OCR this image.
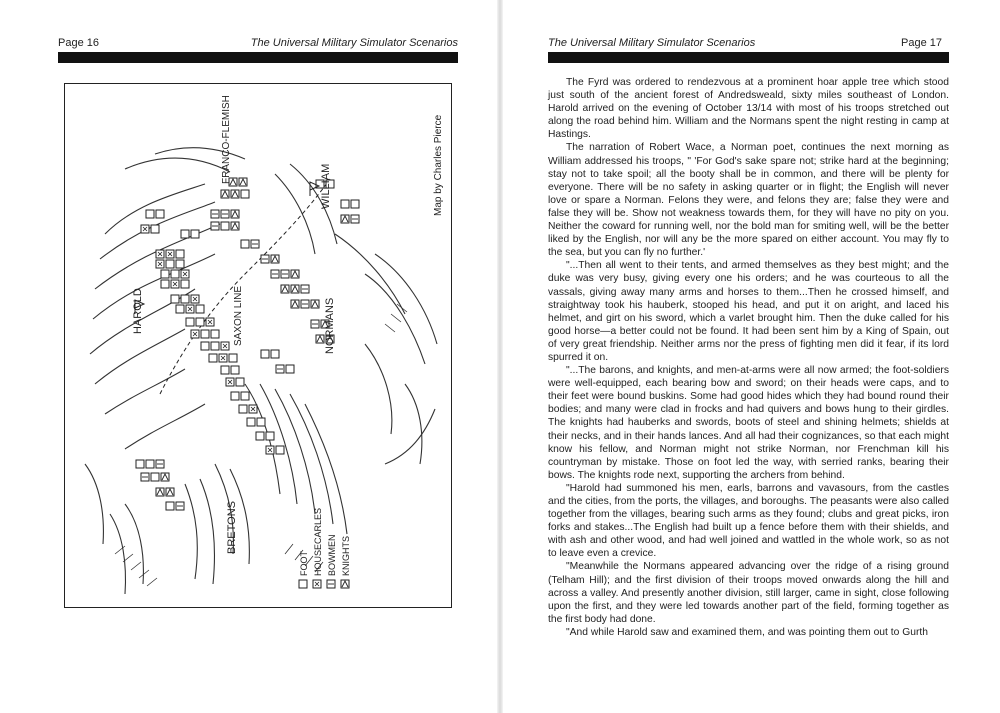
Page 16	The Universal Military Simulator Scenarios
HAROLD	SAXON LINE	NORMANS
WILLIAM
FRANCO-FLEMISH
BRETONS
Map by Charles Pierce
FOOT HOUSECARLES BOWMEN KNIGHTS
The Universal Military Simulator Scenarios	Page 17

The Fyrd was ordered to rendezvous at a prominent hoar apple tree which stood just south of the ancient forest of Andredsweald, sixty miles southeast of London. Harold arrived on the evening of October 13/14 with most of his troops stretched out along the road behind him. William and the Normans spent the night resting in camp at Hastings.

The narration of Robert Wace, a Norman poet, continues the next morning as William addressed his troops, " 'For God's sake spare not; strike hard at the beginning; stay not to take spoil; all the booty shall be in common, and there will be plenty for everyone. There will be no safety in asking quarter or in flight; the English will never love or spare a Norman. Felons they were, and felons they are; false they were and false they will be. Show not weakness towards them, for they will have no pity on you. Neither the coward for running well, nor the bold man for smiting well, will be the better liked by the English, nor will any be the more spared on either account. You may fly to the sea, but you can fly no further.'

"...Then all went to their tents, and armed themselves as they best might; and the duke was very busy, giving every one his orders; and he was courteous to all the vassals, giving away many arms and horses to them...Then he crossed himself, and straightway took his hauberk, stooped his head, and put it on aright, and laced his helmet, and girt on his sword, which a varlet brought him. Then the duke called for his good horse—a better could not be found. It had been sent him by a King of Spain, out of very great friendship. Neither arms nor the press of fighting men did it fear, if its lord spurred it on.

"...The barons, and knights, and men-at-arms were all now armed; the foot-soldiers were well-equipped, each bearing bow and sword; on their heads were caps, and to their feet were bound buskins. Some had good hides which they had bound round their bodies; and many were clad in frocks and had quivers and bows hung to their girdles. The knights had hauberks and swords, boots of steel and shining helmets; shields at their necks, and in their hands lances. And all had their cognizances, so that each might know his fellow, and Norman might not strike Norman, nor Frenchman kill his countryman by mistake. Those on foot led the way, with serried ranks, bearing their bows. The knights rode next, supporting the archers from behind.

"Harold had summoned his men, earls, barrons and vavasours, from the castles and the cities, from the ports, the villages, and boroughs. The peasants were also called together from the villages, bearing such arms as they found; clubs and great picks, iron forks and stakes...The English had built up a fence before them with their shields, and with ash and other wood, and had well joined and wattled in the whole work, so as not to leave even a crevice.

"Meanwhile the Normans appeared advancing over the ridge of a rising ground (Telham Hill); and the first division of their troops moved onwards along the hill and across a valley. And presently another division, still larger, came in sight, close following upon the first, and they were led towards another part of the field, forming together as the first body had done.

"And while Harold saw and examined them, and was pointing them out to Gurth
